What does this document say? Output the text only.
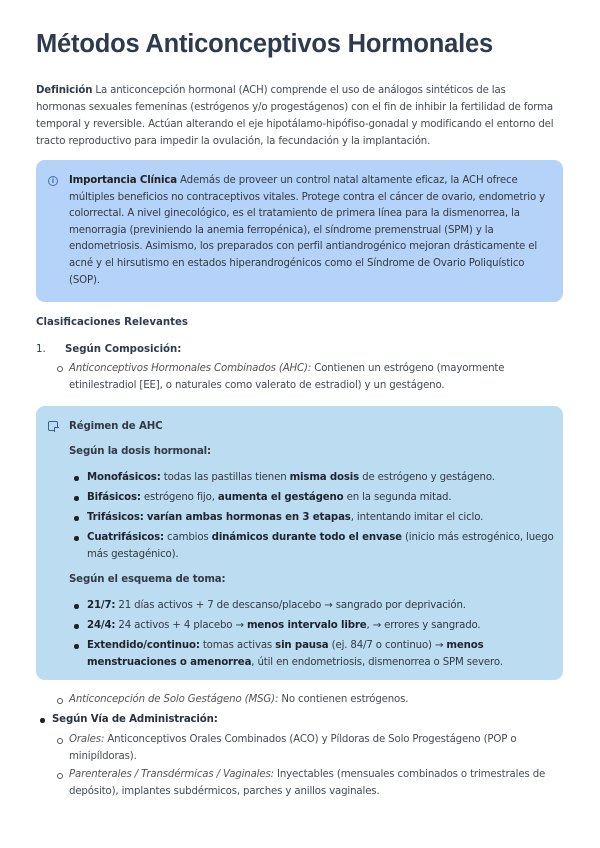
Métodos Anticonceptivos Hormonales

Definición La anticoncepción hormonal (ACH) comprende el uso de análogos sintéticos de las hormonas sexuales femeninas (estrógenos y/o progestágenos) con el fin de inhibir la fertilidad de forma temporal y reversible. Actúan alterando el eje hipotálamo-hipófiso-gonadal y modificando el entorno del tracto reproductivo para impedir la ovulación, la fecundación y la implantación.

i	Importancia Clínica Además de proveer un control natal altamente eficaz, la ACH ofrece múltiples beneficios no contraceptivos vitales. Protege contra el cáncer de ovario, endometrio y colorrectal. A nivel ginecológico, es el tratamiento de primera línea para la dismenorrea, la menorragia (previniendo la anemia ferropénica), el síndrome premenstrual (SPM) y la endometriosis. Asimismo, los preparados con perfil antiandrogénico mejoran drásticamente el acné y el hirsutismo en estados hiperandrogénicos como el Síndrome de Ovario Poliquístico (SOP).

Clasificaciones Relevantes

1. Según Composición:

Anticonceptivos Hormonales Combinados (AHC): Contienen un estrógeno (mayormente etinilestradiol [EE], o naturales como valerato de estradiol) y un gestágeno.

Régimen de AHC

Según la dosis hormonal:

Monofásicos: todas las pastillas tienen misma dosis de estrógeno y gestágeno.

Bifásicos: estrógeno fijo, aumenta el gestágeno en la segunda mitad.

Trifásicos: varían ambas hormonas en 3 etapas, intentando imitar el ciclo.

Cuatrifásicos: cambios dinámicos durante todo el envase (inicio más estrogénico, luego más gestagénico).

Según el esquema de toma:

21/7: 21 días activos + 7 de descanso/placebo → sangrado por deprivación.

24/4: 24 activos + 4 placebo → menos intervalo libre, → errores y sangrado.

Extendido/continuo: tomas activas sin pausa (ej. 84/7 o continuo) → menos menstruaciones o amenorrea, útil en endometriosis, dismenorrea o SPM severo.

Anticoncepción de Solo Gestágeno (MSG): No contienen estrógenos.

Según Vía de Administración:

Orales: Anticonceptivos Orales Combinados (ACO) y Píldoras de Solo Progestágeno (POP o minipíldoras).

Parenterales / Transdérmicas / Vaginales: Inyectables (mensuales combinados o trimestrales de depósito), implantes subdérmicos, parches y anillos vaginales.
